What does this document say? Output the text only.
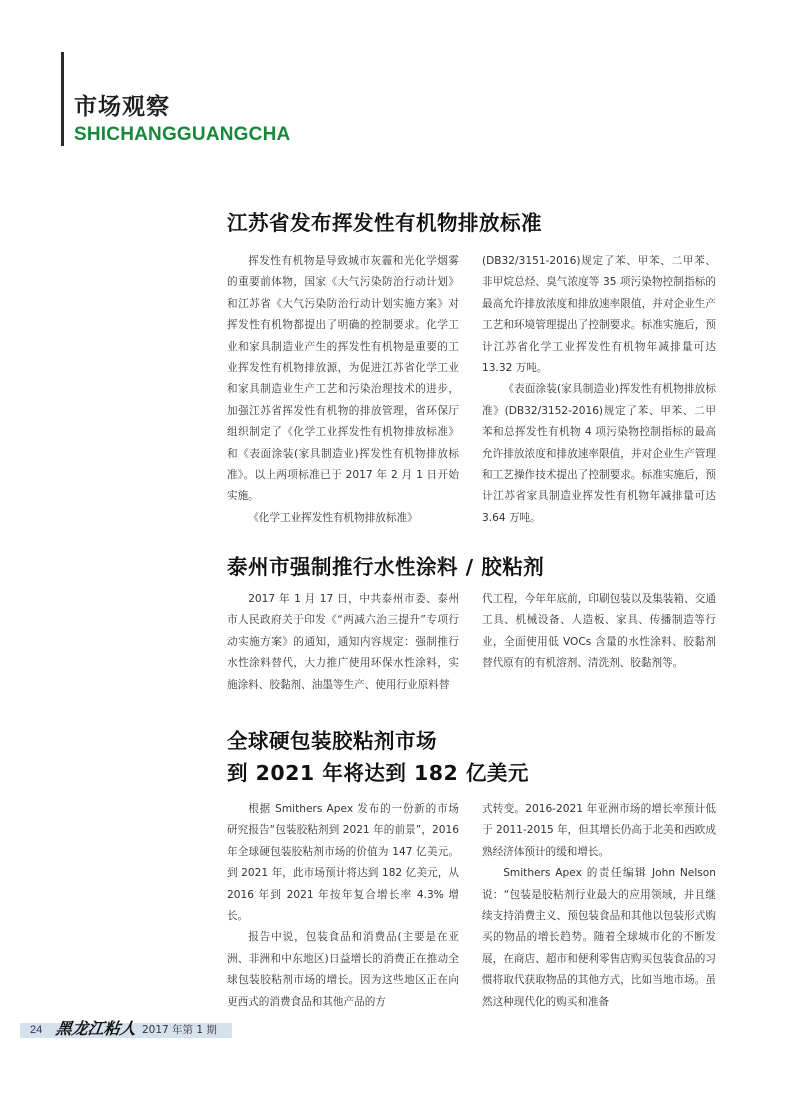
市场观察
SHICHANGGUANGCHA
江苏省发布挥发性有机物排放标准

挥发性有机物是导致城市灰霾和光化学烟雾的重要前体物，国家《大气污染防治行动计划》和江苏省《大气污染防治行动计划实施方案》对挥发性有机物都提出了明确的控制要求。化学工业和家具制造业产生的挥发性有机物是重要的工业挥发性有机物排放源，为促进江苏省化学工业和家具制造业生产工艺和污染治理技术的进步，加强江苏省挥发性有机物的排放管理，省环保厅组织制定了《化学工业挥发性有机物排放标准》和《表面涂装(家具制造业)挥发性有机物排放标准》。以上两项标准已于 2017 年 2 月 1 日开始实施。

《化学工业挥发性有机物排放标准》

(DB32/3151-2016)规定了苯、甲苯、二甲苯、非甲烷总烃、臭气浓度等 35 项污染物控制指标的最高允许排放浓度和排放速率限值，并对企业生产工艺和环境管理提出了控制要求。标准实施后，预计江苏省化学工业挥发性有机物年减排量可达 13.32 万吨。

《表面涂装(家具制造业)挥发性有机物排放标准》(DB32/3152-2016)规定了苯、甲苯、二甲苯和总挥发性有机物 4 项污染物控制指标的最高允许排放浓度和排放速率限值，并对企业生产管理和工艺操作技术提出了控制要求。标准实施后，预计江苏省家具制造业挥发性有机物年减排量可达 3.64 万吨。

泰州市强制推行水性涂料 / 胶粘剂

2017 年 1 月 17 日，中共泰州市委、泰州市人民政府关于印发《“两减六治三提升”专项行动实施方案》的通知，通知内容规定：强制推行水性涂料替代，大力推广使用环保水性涂料，实施涂料、胶黏剂、油墨等生产、使用行业原料替

代工程，今年年底前，印刷包装以及集装箱、交通工具、机械设备、人造板、家具、传播制造等行业，全面使用低 VOCs 含量的水性涂料、胶黏剂替代原有的有机溶剂、清洗剂、胶黏剂等。

全球硬包装胶粘剂市场
到 2021 年将达到 182 亿美元

根据 Smithers Apex 发布的一份新的市场研究报告“包装胶粘剂到 2021 年的前景”，2016 年全球硬包装胶粘剂市场的价值为 147 亿美元。到 2021 年，此市场预计将达到 182 亿美元，从 2016 年到 2021 年按年复合增长率 4.3% 增长。

报告中说，包装食品和消费品(主要是在亚洲、非洲和中东地区)日益增长的消费正在推动全球包装胶粘剂市场的增长。因为这些地区正在向更西式的消费食品和其他产品的方

式转变。2016-2021 年亚洲市场的增长率预计低于 2011-2015 年，但其增长仍高于北美和西欧成熟经济体预计的缓和增长。

Smithers Apex 的责任编辑 John Nelson 说：“包装是胶粘剂行业最大的应用领域，并且继续支持消费主义、预包装食品和其他以包装形式购买的物品的增长趋势。随着全球城市化的不断发展，在商店、超市和便利零售店购买包装食品的习惯将取代获取物品的其他方式，比如当地市场。虽然这种现代化的购买和准备

24 黑龙江粘人 2017 年第 1 期
